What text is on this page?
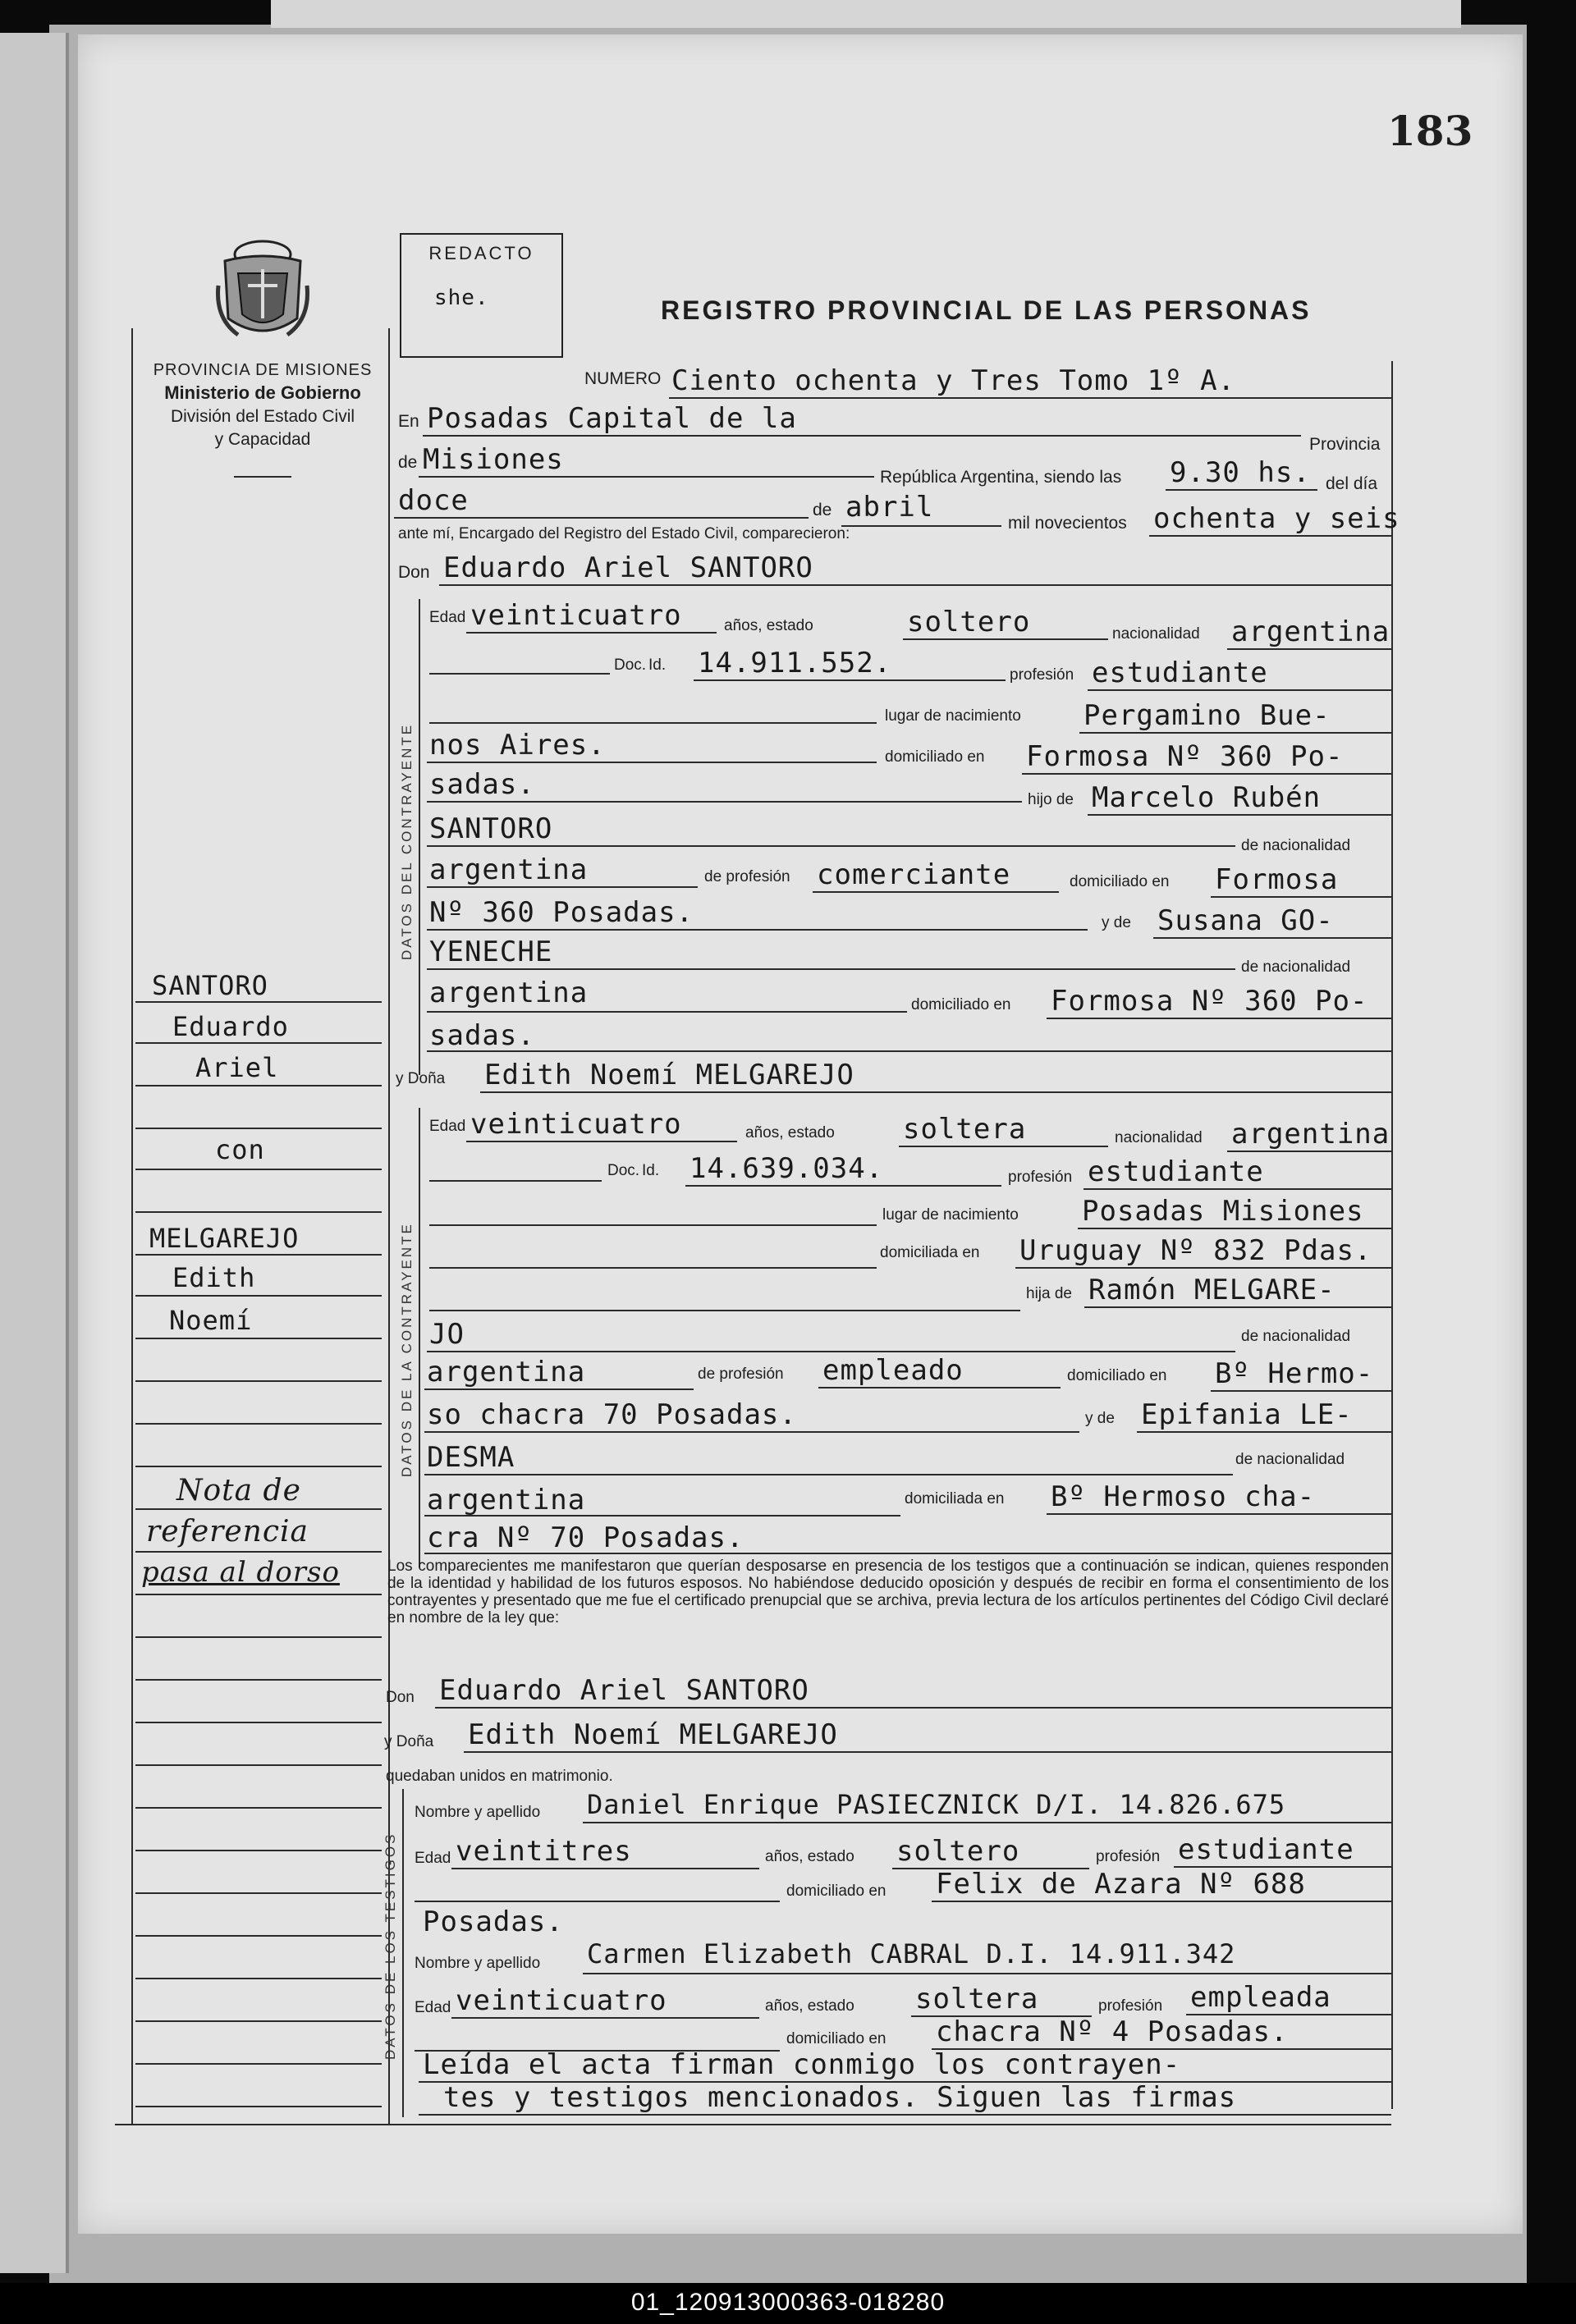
183
REDACTO
she.
PROVINCIA DE MISIONES
Ministerio de Gobierno
División del Estado Civil
y Capacidad
REGISTRO PROVINCIAL DE LAS PERSONAS
NUMERO Ciento ochenta y Tres Tomo 1º A.
En Posadas Capital de la
Provincia
de Misiones
República Argentina, siendo las 9.30 hs. del día
doce	de abril	mil novecientos ochenta y seis
ante mí, Encargado del Registro del Estado Civil, comparecieron:
Don Eduardo Ariel SANTORO
DATOS DEL CONTRAYENTE
Edad veinticuatro	años, estado	soltero	nacionalidad argentina
Doc. Id. 14.911.552.	profesión estudiante
lugar de nacimiento Pergamino Bue-
nos Aires.	domiciliado en Formosa Nº 360 Po-
sadas.	hijo de Marcelo Rubén
SANTORO
de nacionalidad
argentina	de profesión comerciante	domiciliado en Formosa
Nº 360 Posadas.	y de Susana GO-
YENECHE	de nacionalidad
argentina	domiciliado en Formosa Nº 360 Po-
sadas.
y Doña Edith Noemí MELGAREJO
DATOS DE LA CONTRAYENTE
Edad veinticuatro	años, estado soltera	nacionalidad argentina
Doc. Id. 14.639.034.	profesión estudiante
lugar de nacimiento Posadas Misiones
domiciliada en Uruguay Nº 832 Pdas.
hija de Ramón MELGARE-
JO	de nacionalidad
argentina	de profesión empleado	domiciliado en Bº Hermo-
so chacra 70 Posadas.	y de Epifania LE-
DESMA	de nacionalidad
argentina	domiciliada en Bº Hermoso cha-
cra Nº 70 Posadas.
Los comparecientes me manifestaron que querían desposarse en presencia de los testigos que a continuación se indican, quienes responden de la identidad y habilidad de los futuros esposos. No habiéndose deducido oposición y después de recibir en forma el consentimiento de los contrayentes y presentado que me fue el certificado prenupcial que se archiva, previa lectura de los artículos pertinentes del Código Civil declaré en nombre de la ley que:
Don Eduardo Ariel SANTORO
y Doña Edith Noemí MELGAREJO
quedaban unidos en matrimonio.
DATOS DE LOS TESTIGOS
Nombre y apellido Daniel Enrique PASIECZNICK D/I. 14.826.675
Edad veintitres	años, estado soltero	profesión estudiante
domiciliado en Felix de Azara Nº 688
Posadas.
Nombre y apellido Carmen Elizabeth CABRAL D.I. 14.911.342
Edad veinticuatro	años, estado soltera	profesión empleada
domiciliado en chacra Nº 4 Posadas.
Leída el acta firman conmigo los contrayen-
tes y testigos mencionados. Siguen las firmas
SANTORO
Eduardo
Ariel
con
MELGAREJO
Edith
Noemí
Nota de
referencia
pasa al dorso
01_120913000363-018280
